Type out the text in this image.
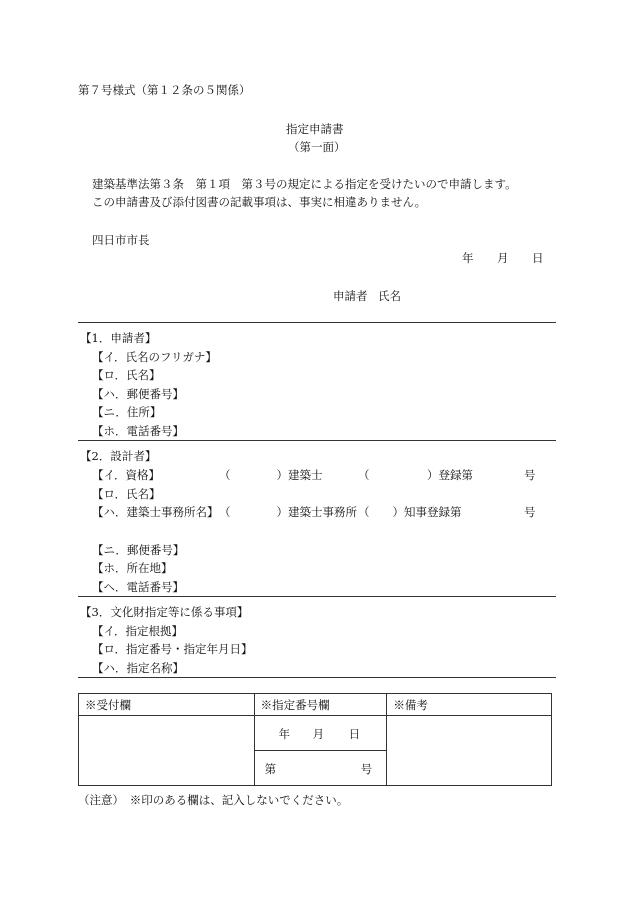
第７号様式（第１２条の５関係）
指定申請書
（第一面）
建築基準法第３条　第１項　第３号の規定による指定を受けたいので申請します。
この申請書及び添付図書の記載事項は、事実に相違ありません。
四日市市長
年 月 日
申請者 氏名
【1．申請者】
【イ．氏名のフリガナ】
【ロ．氏名】
【ハ．郵便番号】
【ニ．住所】
【ホ．電話番号】
【2．設計者】
【イ．資格】	（　　　　）建築士	（　　　　　）登録第	号
【ロ．氏名】
【ハ．建築士事務所名】 （　　　　）建築士事務所 （　　）知事登録第	号
【ニ．郵便番号】
【ホ．所在地】
【ヘ．電話番号】
【3．文化財指定等に係る事項】
【イ．指定根拠】
【ロ．指定番号・指定年月日】
【ハ．指定名称】
※受付欄	※指定番号欄	※備考

	年 月 日	

	第 号	
（注意）　※印のある欄は、記入しないでください。
